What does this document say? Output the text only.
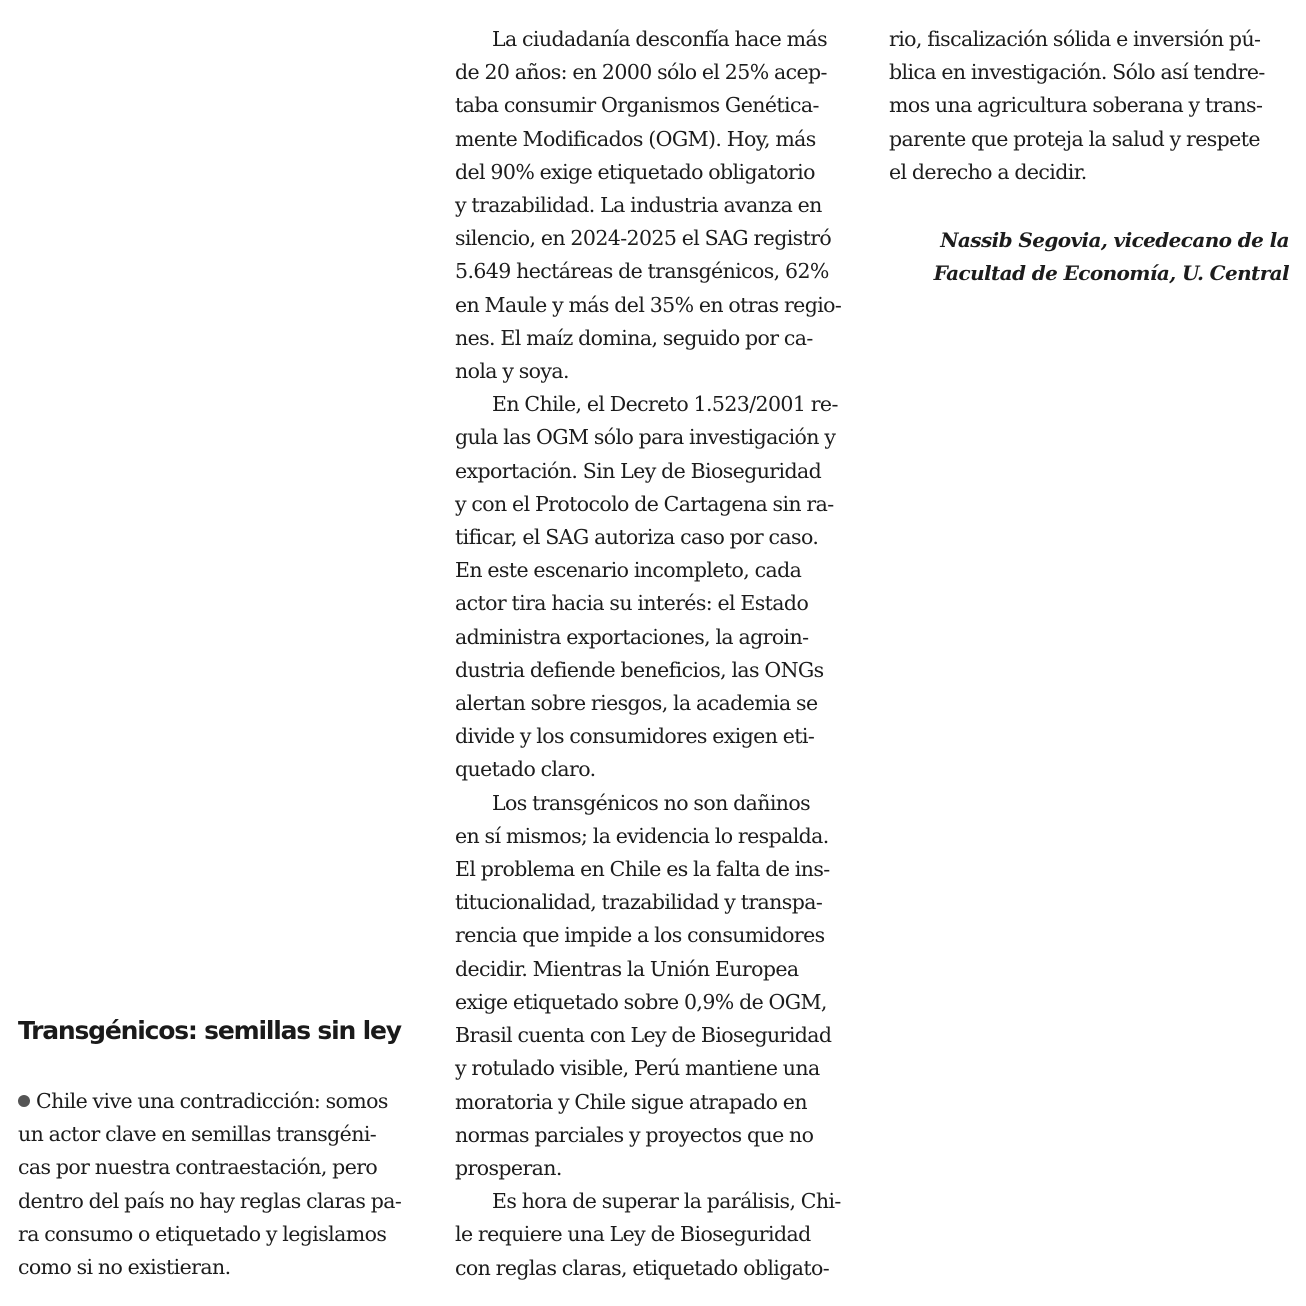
Transgénicos: semillas sin ley
Chile vive una contradicción: somos
un actor clave en semillas transgéni-
cas por nuestra contraestación, pero
dentro del país no hay reglas claras pa-
ra consumo o etiquetado y legislamos
como si no existieran.
La ciudadanía desconfía hace más
de 20 años: en 2000 sólo el 25% acep-
taba consumir Organismos Genética-
mente Modificados (OGM). Hoy, más
del 90% exige etiquetado obligatorio
y trazabilidad. La industria avanza en
silencio, en 2024-2025 el SAG registró
5.649 hectáreas de transgénicos, 62%
en Maule y más del 35% en otras regio-
nes. El maíz domina, seguido por ca-
nola y soya.
En Chile, el Decreto 1.523/2001 re-
gula las OGM sólo para investigación y
exportación. Sin Ley de Bioseguridad
y con el Protocolo de Cartagena sin ra-
tificar, el SAG autoriza caso por caso.
En este escenario incompleto, cada
actor tira hacia su interés: el Estado
administra exportaciones, la agroin-
dustria defiende beneficios, las ONGs
alertan sobre riesgos, la academia se
divide y los consumidores exigen eti-
quetado claro.
Los transgénicos no son dañinos
en sí mismos; la evidencia lo respalda.
El problema en Chile es la falta de ins-
titucionalidad, trazabilidad y transpa-
rencia que impide a los consumidores
decidir. Mientras la Unión Europea
exige etiquetado sobre 0,9% de OGM,
Brasil cuenta con Ley de Bioseguridad
y rotulado visible, Perú mantiene una
moratoria y Chile sigue atrapado en
normas parciales y proyectos que no
prosperan.
Es hora de superar la parálisis, Chi-
le requiere una Ley de Bioseguridad
con reglas claras, etiquetado obligato-
rio, fiscalización sólida e inversión pú-
blica en investigación. Sólo así tendre-
mos una agricultura soberana y trans-
parente que proteja la salud y respete
el derecho a decidir.
Nassib Segovia, vicedecano de la
Facultad de Economía, U. Central
